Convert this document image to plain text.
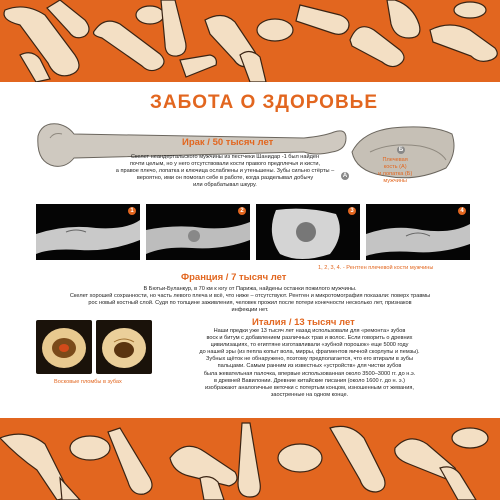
ЗАБОТА О ЗДОРОВЬЕ
Ирак / 50 тысяч лет
Скелет неандертальского мужчины из пестчеки Шанидар -1 был найден
почти целым, но у него отсутствовали кости правого предплечья и кисти,
а правое плечо, лопатка и ключица ослаблены и утеньшены. Зубы сильно стёрты –
вероятно, ими он помогал себе в работе, когда разделывал добычу
или обрабатывал шкуру.
Б
A
Плечевая
кость (А)
и лопатка (Б)
мужчины
1	2	3	4
1, 2, 3, 4. - Рентген плечевой кости мужчины
Франция / 7 тысяч лет
В Бютьи-Буланкур, в 70 км к югу от Парижа, найдены останки пожилого мужчины.
Скелет хорошей сохранности, но часть левого плеча и всё, что ниже – отсутствуют. Рентген и микротомография показали: поверх травмы
рос новый костный слой. Судя по толщине заживления, человек прожил после потери конечности несколько лет, признаков
инфекции нет.
Италия / 13 тысяч лет
Наши предки уже 13 тысяч лет назад использовали для «ремонта» зубов
воск и битум с добавлением различных трав и волос. Если говорить о древних
цивилизациях, то египтяне изготавливали «зубной порошок» еще 5000 году
до нашей эры (из пепла копыт вола, мирры, фрагментов яичной скорлупы и пемзы).
Зубных щёток не обнаружено, поэтому предполагается, что его втирали в зубы
пальцами. Самым ранним из известных «устройств» для чистки зубов
была жевательная палочка, впервые использованная около 3500–3000 гг. до н.э.
в древней Вавилонии. Древние китайские писания (около 1600 г. до н. э.)
изображают аналогичные веточки с потертым концом, изношенным от жевания,
заостренные на одном конце.
Восковые пломбы в зубах
